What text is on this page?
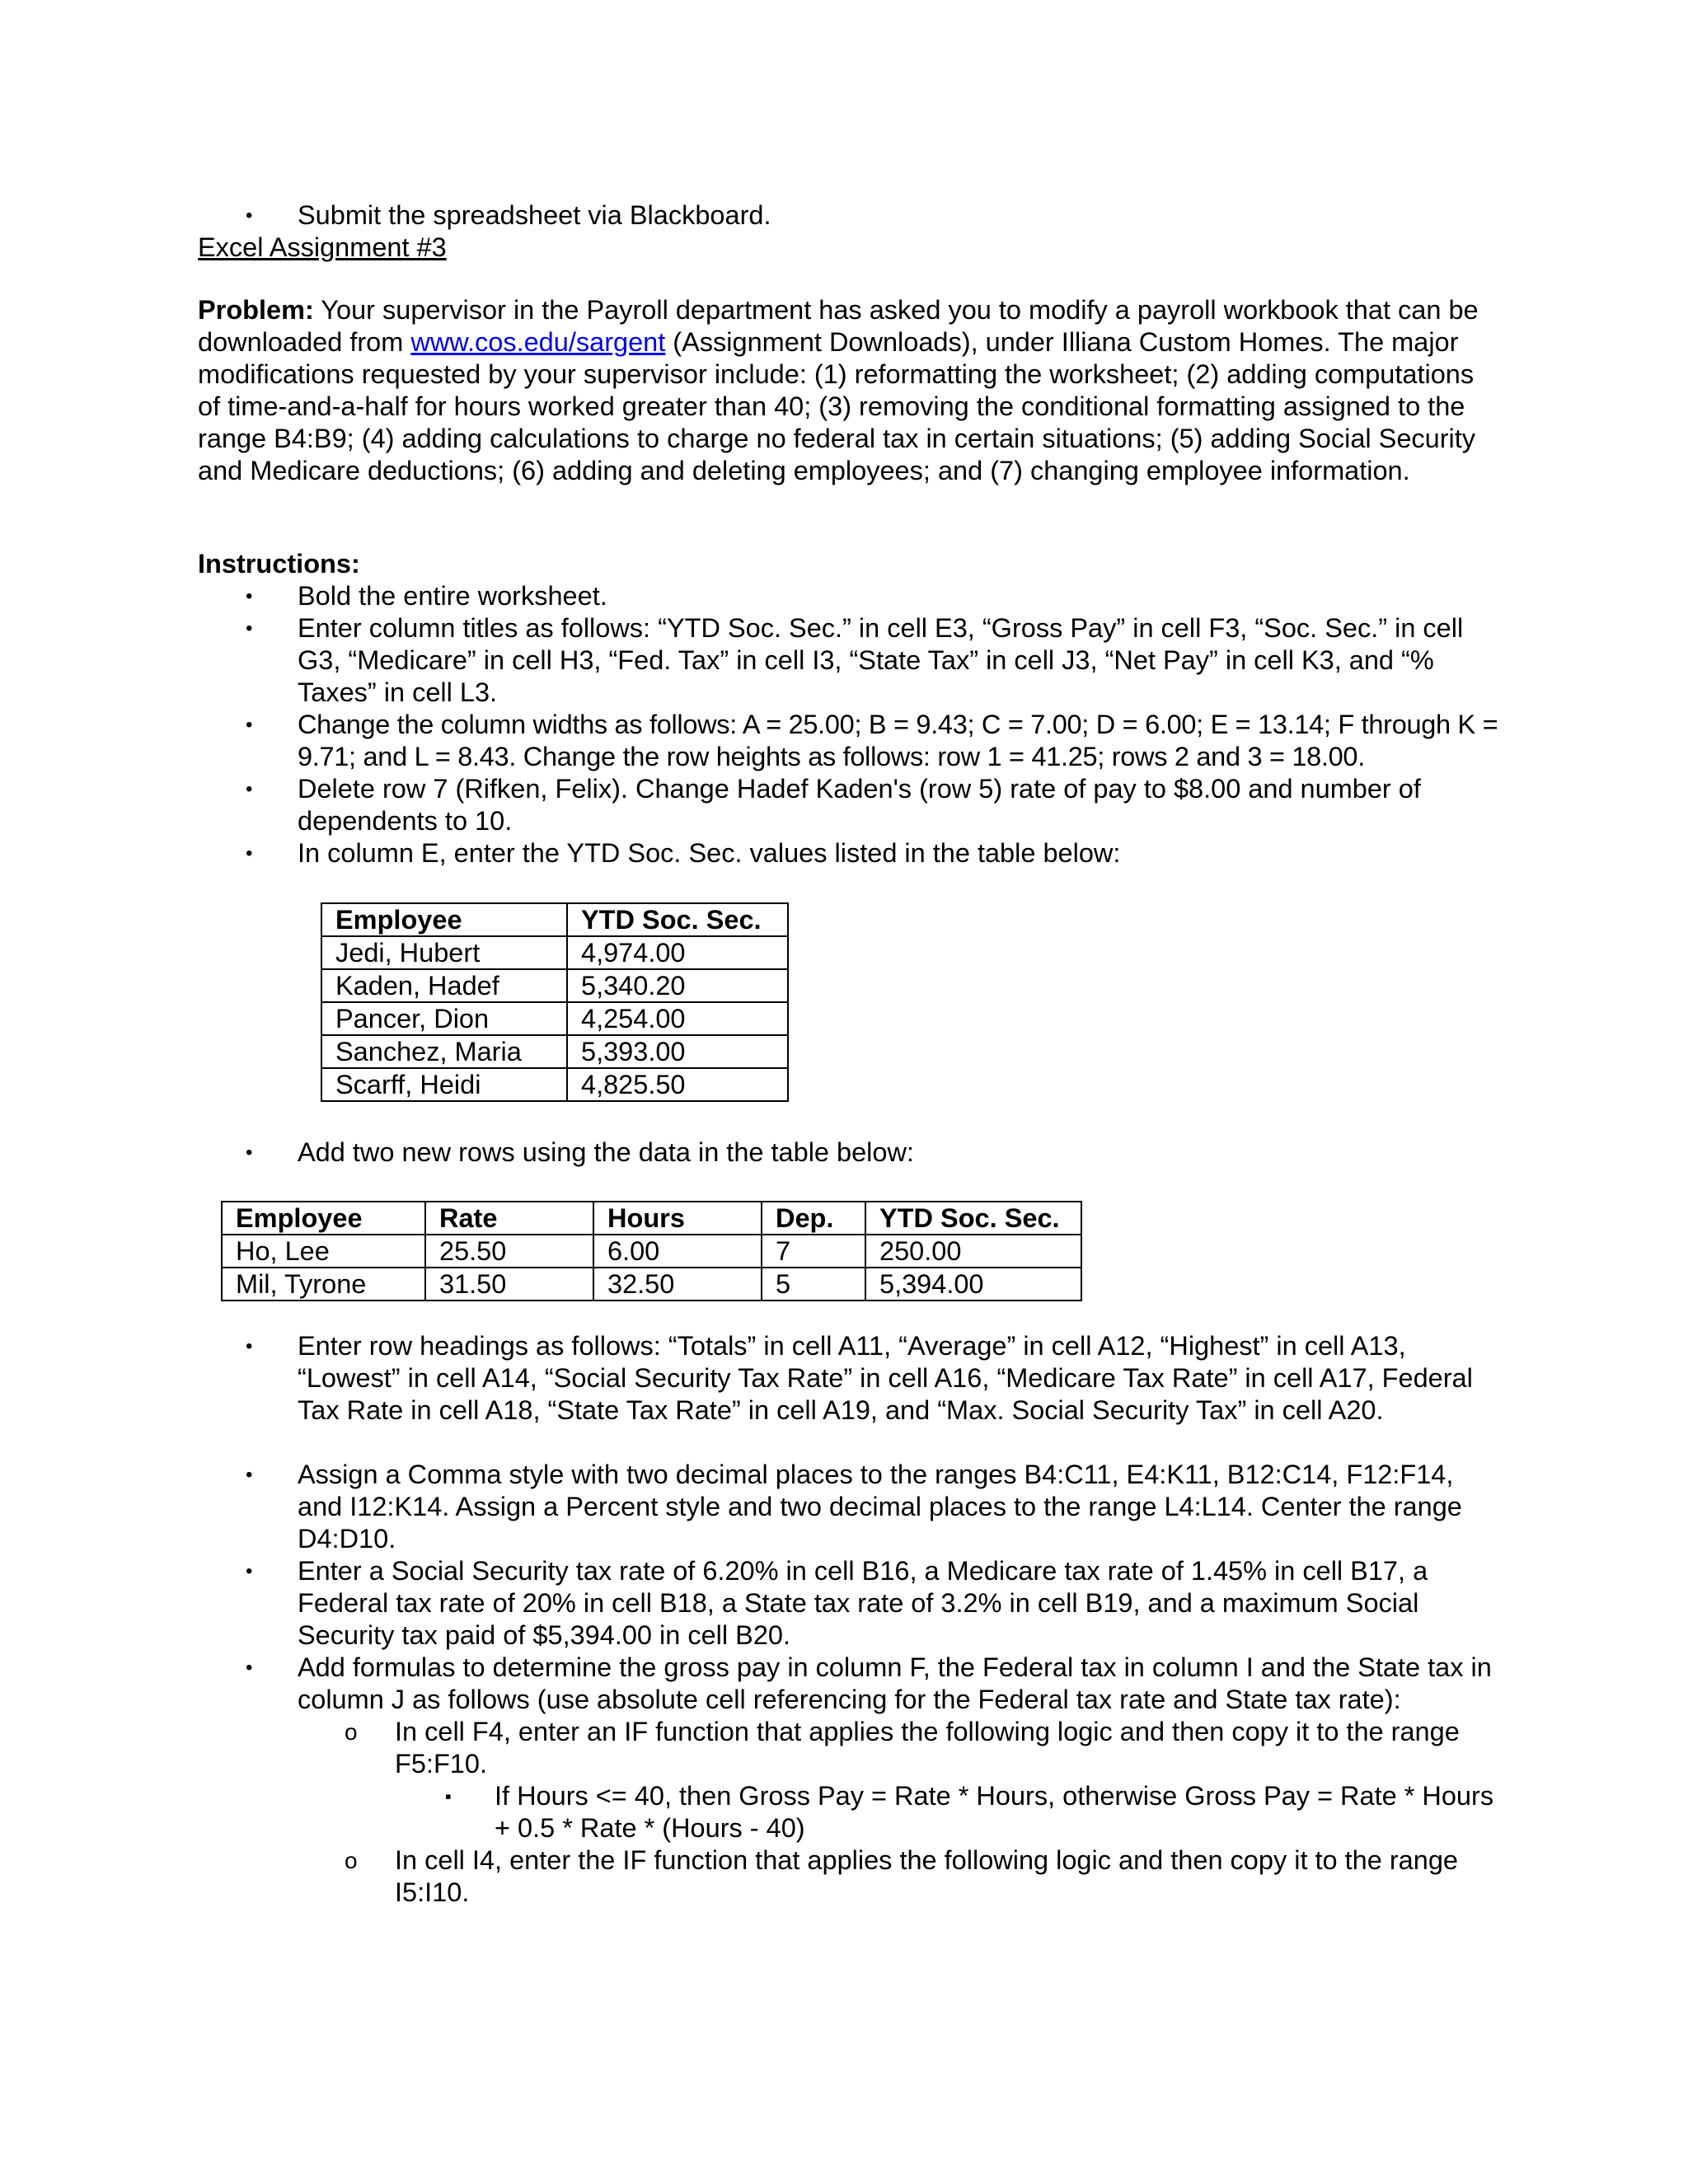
• Submit the spreadsheet via Blackboard.
Excel Assignment #3

Problem: Your supervisor in the Payroll department has asked you to modify a payroll workbook that can be downloaded from www.cos.edu/sargent (Assignment Downloads), under Illiana Custom Homes. The major modifications requested by your supervisor include: (1) reformatting the worksheet; (2) adding computations of time-and-a-half for hours worked greater than 40; (3) removing the conditional formatting assigned to the range B4:B9; (4) adding calculations to charge no federal tax in certain situations; (5) adding Social Security and Medicare deductions; (6) adding and deleting employees; and (7) changing employee information.

Instructions:
• Bold the entire worksheet.
• Enter column titles as follows: “YTD Soc. Sec.” in cell E3, “Gross Pay” in cell F3, “Soc. Sec.” in cell G3, “Medicare” in cell H3, “Fed. Tax” in cell I3, “State Tax” in cell J3, “Net Pay” in cell K3, and “% Taxes” in cell L3.
• Change the column widths as follows: A = 25.00; B = 9.43; C = 7.00; D = 6.00; E = 13.14; F through K = 9.71; and L = 8.43. Change the row heights as follows: row 1 = 41.25; rows 2 and 3 = 18.00.
• Delete row 7 (Rifken, Felix). Change Hadef Kaden's (row 5) rate of pay to $8.00 and number of dependents to 10.
• In column E, enter the YTD Soc. Sec. values listed in the table below:
Employee	YTD Soc. Sec.
Jedi, Hubert	4,974.00
Kaden, Hadef	5,340.20
Pancer, Dion	4,254.00
Sanchez, Maria	5,393.00
Scarff, Heidi	4,825.50
• Add two new rows using the data in the table below:
Employee	Rate	Hours	Dep.	YTD Soc. Sec.
Ho, Lee	25.50	6.00	7	250.00
Mil, Tyrone	31.50	32.50	5	5,394.00
• Enter row headings as follows: “Totals” in cell A11, “Average” in cell A12, “Highest” in cell A13, “Lowest” in cell A14, “Social Security Tax Rate” in cell A16, “Medicare Tax Rate” in cell A17, Federal Tax Rate in cell A18, “State Tax Rate” in cell A19, and “Max. Social Security Tax” in cell A20.
• Assign a Comma style with two decimal places to the ranges B4:C11, E4:K11, B12:C14, F12:F14, and I12:K14. Assign a Percent style and two decimal places to the range L4:L14. Center the range D4:D10.
• Enter a Social Security tax rate of 6.20% in cell B16, a Medicare tax rate of 1.45% in cell B17, a Federal tax rate of 20% in cell B18, a State tax rate of 3.2% in cell B19, and a maximum Social Security tax paid of $5,394.00 in cell B20.
• Add formulas to determine the gross pay in column F, the Federal tax in column I and the State tax in column J as follows (use absolute cell referencing for the Federal tax rate and State tax rate):
o In cell F4, enter an IF function that applies the following logic and then copy it to the range F5:F10.
▪ If Hours <= 40, then Gross Pay = Rate * Hours, otherwise Gross Pay = Rate * Hours + 0.5 * Rate * (Hours - 40)
o In cell I4, enter the IF function that applies the following logic and then copy it to the range I5:I10.
